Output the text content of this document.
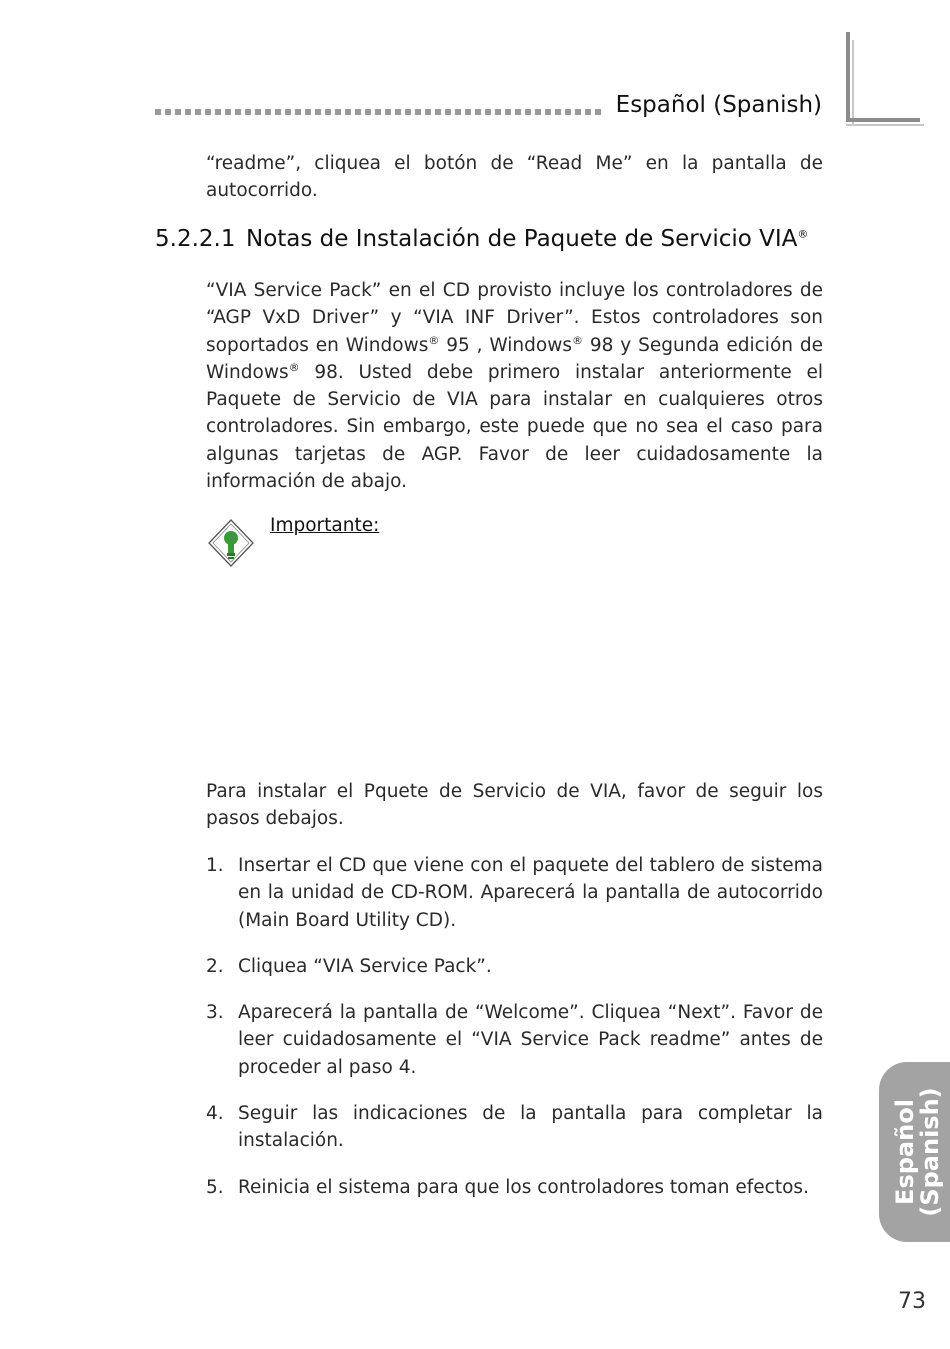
Español (Spanish)
“readme”, cliquea el botón de “Read Me” en la pantalla de autocorrido.
5.2.2.1 Notas de Instalación de Paquete de Servicio VIA®
“VIA Service Pack” en el CD provisto incluye los controladores de “AGP VxD Driver” y “VIA INF Driver”. Estos controladores son soportados en Windows® 95 , Windows® 98 y Segunda edición de Windows® 98. Usted debe primero instalar anteriormente el Paquete de Servicio de VIA para instalar en cualquieres otros controladores. Sin embargo, este puede que no sea el caso para algunas tarjetas de AGP. Favor de leer cuidadosamente la información de abajo.
Importante:
Para instalar el Pquete de Servicio de VIA, favor de seguir los pasos debajos.
1. Insertar el CD que viene con el paquete del tablero de sistema en la unidad de CD-ROM. Aparecerá la pantalla de autocorrido (Main Board Utility CD).
2. Cliquea “VIA Service Pack”.
3. Aparecerá la pantalla de “Welcome”. Cliquea “Next”. Favor de leer cuidadosamente el “VIA Service Pack readme” antes de proceder al paso 4.
4. Seguir las indicaciones de la pantalla para completar la instalación.
5. Reinicia el sistema para que los controladores toman efectos.	Español
(Spanish)
73
